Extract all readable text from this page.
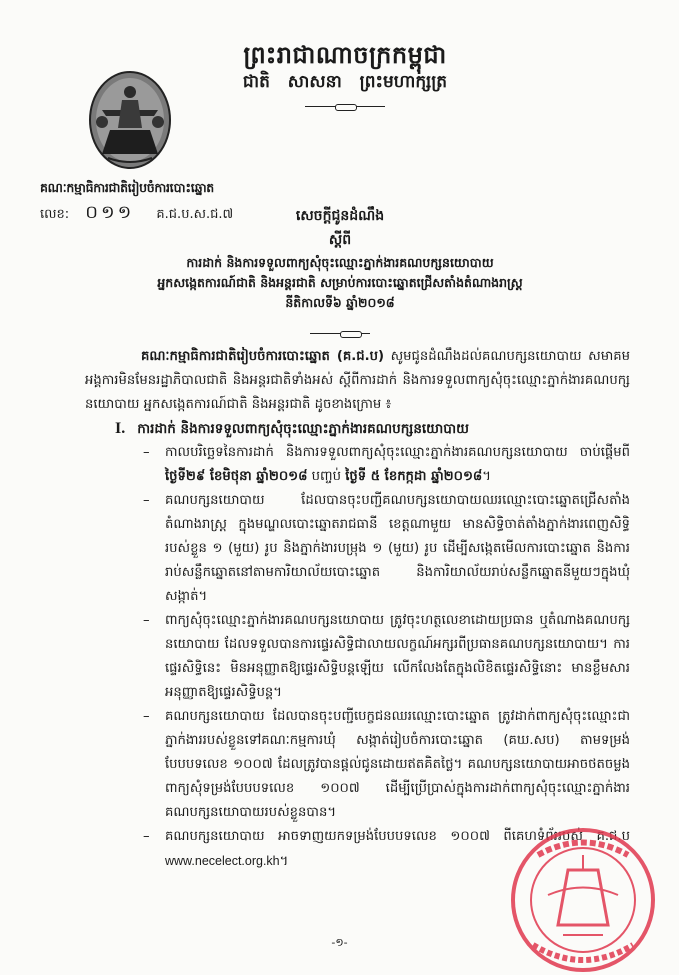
ព្រះរាជាណាចក្រកម្ពុជា
ជាតិ សាសនា ព្រះមហាក្សត្រ
គណៈកម្មាធិការជាតិរៀបចំការបោះឆ្នោត
លេខ: ០១១ គ.ជ.ប.ស.ជ.៧	សេចក្តីជូនដំណឹង
ស្តីពី
ការដាក់ និងការទទួលពាក្យសុំចុះឈ្មោះភ្នាក់ងារគណបក្សនយោបាយ
អ្នកសង្កេតការណ៍ជាតិ និងអន្តរជាតិ សម្រាប់ការបោះឆ្នោតជ្រើសតាំងតំណាងរាស្ត្រ
នីតិកាលទី៦ ឆ្នាំ២០១៨

គណៈកម្មាធិការជាតិរៀបចំការបោះឆ្នោត (គ.ជ.ប) សូមជូនដំណឹងដល់គណបក្សនយោបាយ សមាគម អង្គការមិនមែនរដ្ឋាភិបាលជាតិ និងអន្តរជាតិទាំងអស់ ស្តីពីការដាក់ និងការទទួលពាក្យសុំចុះឈ្មោះភ្នាក់ងារគណបក្សនយោបាយ អ្នកសង្កេតការណ៍ជាតិ និងអន្តរជាតិ ដូចខាងក្រោម ៖

I. ការដាក់ និងការទទួលពាក្យសុំចុះឈ្មោះភ្នាក់ងារគណបក្សនយោបាយ

– កាលបរិច្ឆេទនៃការដាក់ និងការទទួលពាក្យសុំចុះឈ្មោះភ្នាក់ងារគណបក្សនយោបាយ ចាប់ផ្តើមពីថ្ងៃទី២៩ ខែមិថុនា ឆ្នាំ២០១៨ បញ្ចប់ ថ្ងៃទី ៥ ខែកក្កដា ឆ្នាំ២០១៨។
– គណបក្សនយោបាយ ដែលបានចុះបញ្ជីគណបក្សនយោបាយឈរឈ្មោះបោះឆ្នោតជ្រើសតាំងតំណាងរាស្ត្រ ក្នុងមណ្ឌលបោះឆ្នោតរាជធានី ខេត្តណាមួយ មានសិទ្ធិចាត់តាំងភ្នាក់ងារពេញសិទ្ធិរបស់ខ្លួន ១ (មួយ) រូប និងភ្នាក់ងារបម្រុង ១ (មួយ) រូប ដើម្បីសង្កេតមើលការបោះឆ្នោត និងការរាប់សន្លឹកឆ្នោតនៅតាមការិយាល័យបោះឆ្នោត និងការិយាល័យរាប់សន្លឹកឆ្នោតនីមួយៗក្នុងឃុំ សង្កាត់។
– ពាក្យសុំចុះឈ្មោះភ្នាក់ងារគណបក្សនយោបាយ ត្រូវចុះហត្ថលេខាដោយប្រធាន ឬតំណាងគណបក្សនយោបាយ ដែលទទួលបានការផ្ទេរសិទ្ធិជាលាយលក្ខណ៍អក្សរពីប្រធានគណបក្សនយោបាយ។ ការផ្ទេរសិទ្ធិនេះ មិនអនុញ្ញាតឱ្យផ្ទេរសិទ្ធិបន្តឡើយ លើកលែងតែក្នុងលិខិតផ្ទេរសិទ្ធិនោះ មានខ្លឹមសារអនុញ្ញាតឱ្យផ្ទេរសិទ្ធិបន្ត។
– គណបក្សនយោបាយ ដែលបានចុះបញ្ជីបេក្ខជនឈរឈ្មោះបោះឆ្នោត ត្រូវដាក់ពាក្យសុំចុះឈ្មោះជាភ្នាក់ងាររបស់ខ្លួនទៅគណៈកម្មការឃុំ សង្កាត់រៀបចំការបោះឆ្នោត (គឃ.សប) តាមទម្រង់បែបបទលេខ ១០០៧ ដែលត្រូវបានផ្តល់ជូនដោយឥតគិតថ្លៃ។ គណបក្សនយោបាយអាចថតចម្លងពាក្យសុំទម្រង់បែបបទលេខ ១០០៧ ដើម្បីប្រើប្រាស់ក្នុងការដាក់ពាក្យសុំចុះឈ្មោះភ្នាក់ងារគណបក្សនយោបាយរបស់ខ្លួនបាន។
– គណបក្សនយោបាយ អាចទាញយកទម្រង់បែបបទលេខ ១០០៧ ពីគេហទំព័ររបស់ គ.ជ.ប www.necelect.org.kh។
-១-
